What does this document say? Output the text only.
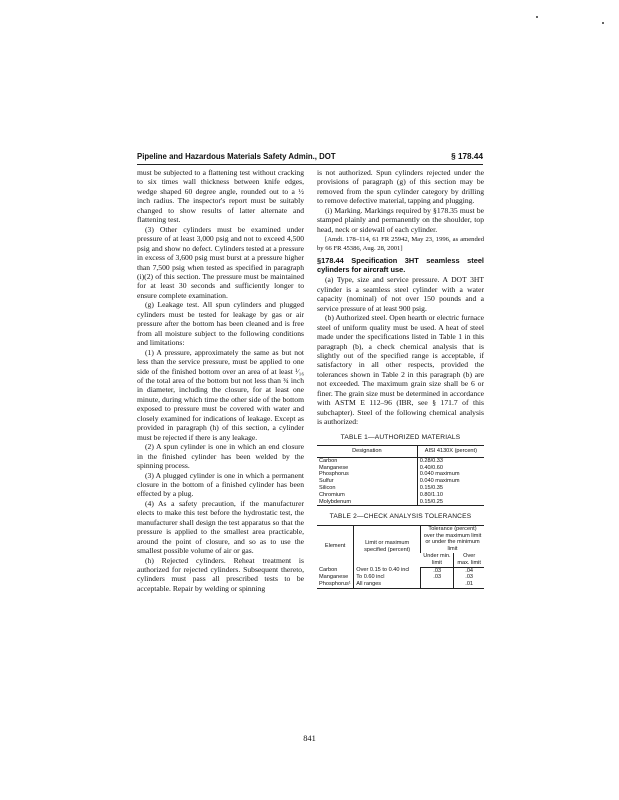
Pipeline and Hazardous Materials Safety Admin., DOT	§ 178.44

must be subjected to a flattening test without cracking to six times wall thickness between knife edges, wedge shaped 60 degree angle, rounded out to a ½ inch radius. The inspector's report must be suitably changed to show results of latter alternate and flattening test.

(3) Other cylinders must be examined under pressure of at least 3,000 psig and not to exceed 4,500 psig and show no defect. Cylinders tested at a pressure in excess of 3,600 psig must burst at a pressure higher than 7,500 psig when tested as specified in paragraph (i)(2) of this section. The pressure must be maintained for at least 30 seconds and sufficiently longer to ensure complete examination.

(g) Leakage test. All spun cylinders and plugged cylinders must be tested for leakage by gas or air pressure after the bottom has been cleaned and is free from all moisture subject to the following conditions and limitations:

(1) A pressure, approximately the same as but not less than the service pressure, must be applied to one side of the finished bottom over an area of at least ¹⁄₁₆ of the total area of the bottom but not less than ¾ inch in diameter, including the closure, for at least one minute, during which time the other side of the bottom exposed to pressure must be covered with water and closely examined for indications of leakage. Except as provided in paragraph (h) of this section, a cylinder must be rejected if there is any leakage.

(2) A spun cylinder is one in which an end closure in the finished cylinder has been welded by the spinning process.

(3) A plugged cylinder is one in which a permanent closure in the bottom of a finished cylinder has been effected by a plug.

(4) As a safety precaution, if the manufacturer elects to make this test before the hydrostatic test, the manufacturer shall design the test apparatus so that the pressure is applied to the smallest area practicable, around the point of closure, and so as to use the smallest possible volume of air or gas.

(h) Rejected cylinders. Reheat treatment is authorized for rejected cylinders. Subsequent thereto, cylinders must pass all prescribed tests to be acceptable. Repair by welding or spinning

is not authorized. Spun cylinders rejected under the provisions of paragraph (g) of this section may be removed from the spun cylinder category by drilling to remove defective material, tapping and plugging.

(i) Marking. Markings required by §178.35 must be stamped plainly and permanently on the shoulder, top head, neck or sidewall of each cylinder.

[Amdt. 178–114, 61 FR 25942, May 23, 1996, as amended by 66 FR 45386, Aug. 28, 2001]

§178.44 Specification 3HT seamless steel cylinders for aircraft use.

(a) Type, size and service pressure. A DOT 3HT cylinder is a seamless steel cylinder with a water capacity (nominal) of not over 150 pounds and a service pressure of at least 900 psig.

(b) Authorized steel. Open hearth or electric furnace steel of uniform quality must be used. A heat of steel made under the specifications listed in Table 1 in this paragraph (b), a check chemical analysis that is slightly out of the specified range is acceptable, if satisfactory in all other respects, provided the tolerances shown in Table 2 in this paragraph (b) are not exceeded. The maximum grain size shall be 6 or finer. The grain size must be determined in accordance with ASTM E 112–96 (IBR, see § 171.7 of this subchapter). Steel of the following chemical analysis is authorized:

TABLE 1—AUTHORIZED MATERIALS
Designation	AISI 4130X (percent)
Carbon	0.28/0.33
Manganese	0.40/0.60
Phosphorus	0.040 maximum
Sulfur	0.040 maximum
Silicon	0.15/0.35
Chromium	0.80/1.10
Molybdenum	0.15/0.25
TABLE 2—CHECK ANALYSIS TOLERANCES
Element	Limit or maximum specified (percent)	Tolerance (percent) over the maximum limit or under the minimum limit	
		Under min. limit	Over max. limit
Carbon	Over 0.15 to 0.40 incl	.03	.04
Manganese	To 0.60 incl	.03	.03
Phosphorus¹	All ranges		.01
841
